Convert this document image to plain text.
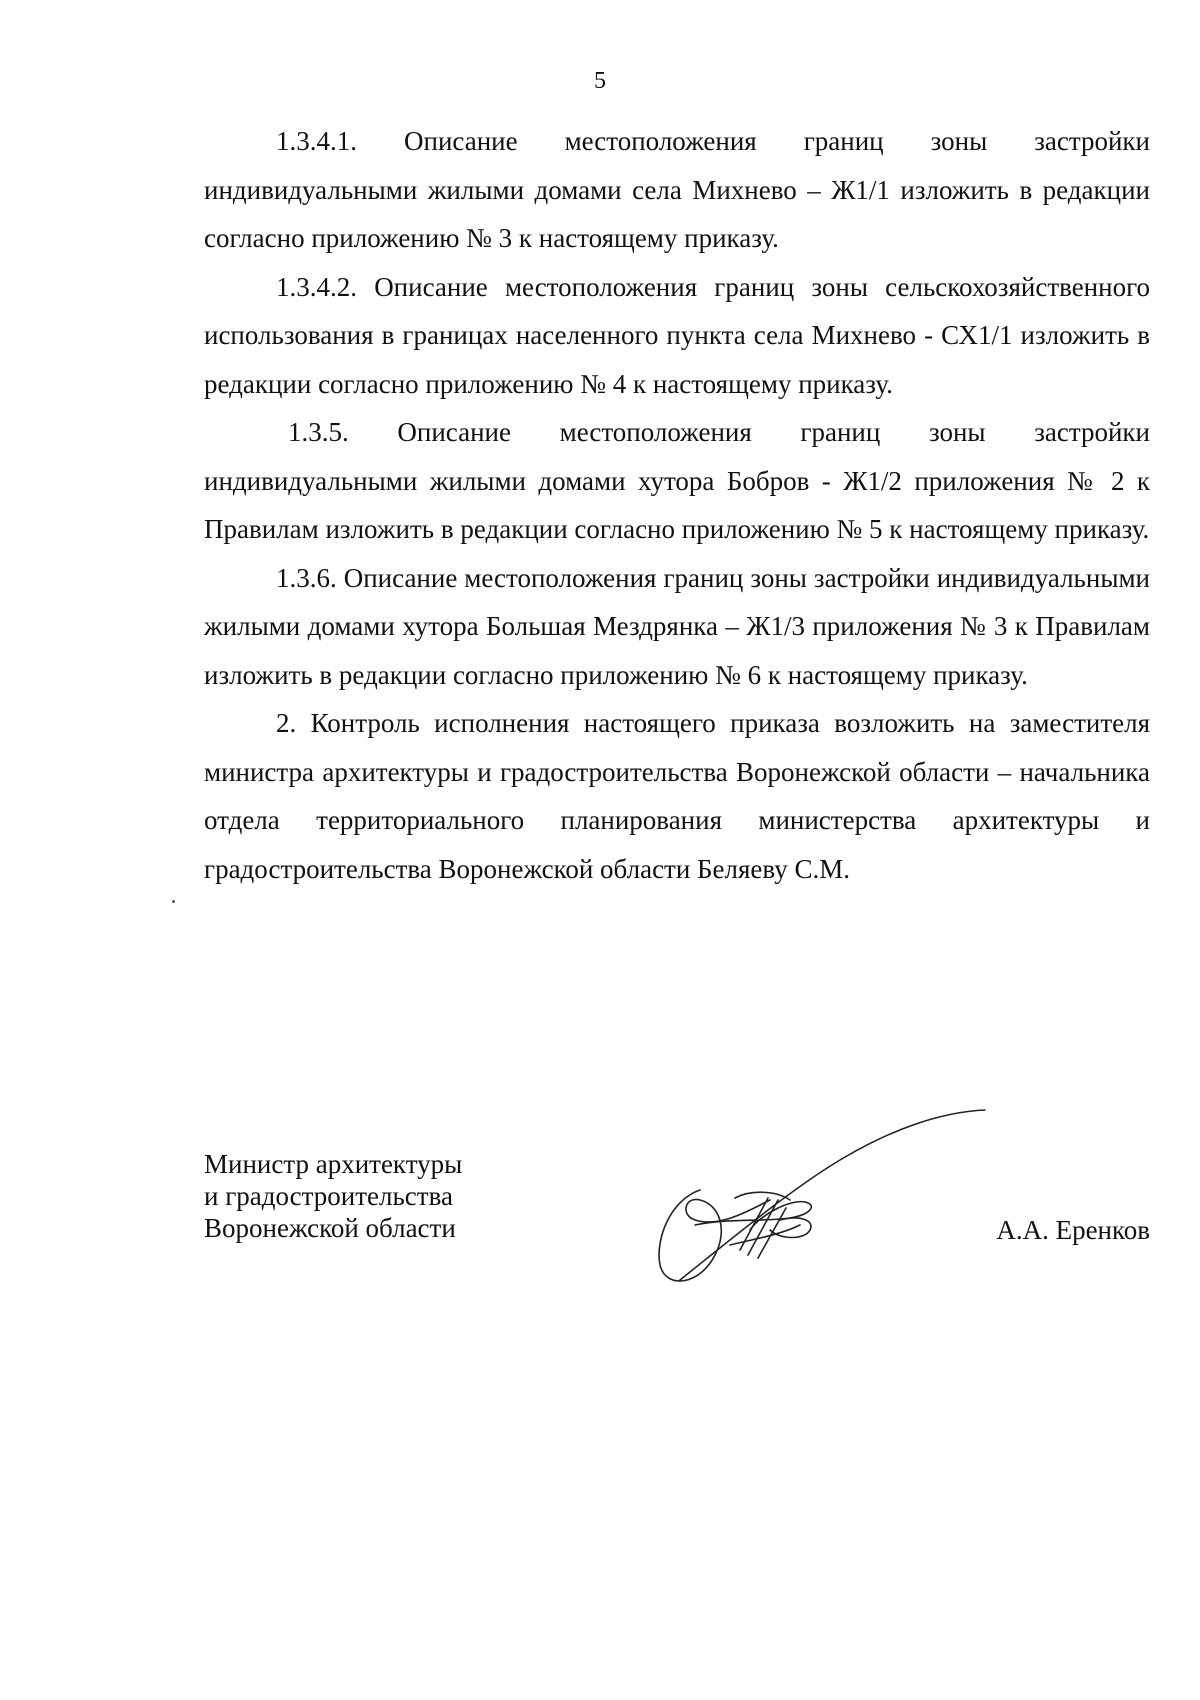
5

1.3.4.1. Описание местоположения границ зоны застройки индивидуальными жилыми домами села Михнево – Ж1/1 изложить в редакции согласно приложению № 3 к настоящему приказу.

1.3.4.2. Описание местоположения границ зоны сельскохозяйственного использования в границах населенного пункта села Михнево - СХ1/1 изложить в редакции согласно приложению № 4 к настоящему приказу.

1.3.5. Описание местоположения границ зоны застройки индивидуальными жилыми домами хутора Бобров - Ж1/2 приложения № 2 к Правилам изложить в редакции согласно приложению № 5 к настоящему приказу.

1.3.6. Описание местоположения границ зоны застройки индивидуальными жилыми домами хутора Большая Мездрянка – Ж1/3 приложения № 3 к Правилам изложить в редакции согласно приложению № 6 к настоящему приказу.

2. Контроль исполнения настоящего приказа возложить на заместителя министра архитектуры и градостроительства Воронежской области – начальника отдела территориального планирования министерства архитектуры и градостроительства Воронежской области Беляеву С.М.

Министр архитектуры
и градостроительства
Воронежской области	А.А. Еренков
